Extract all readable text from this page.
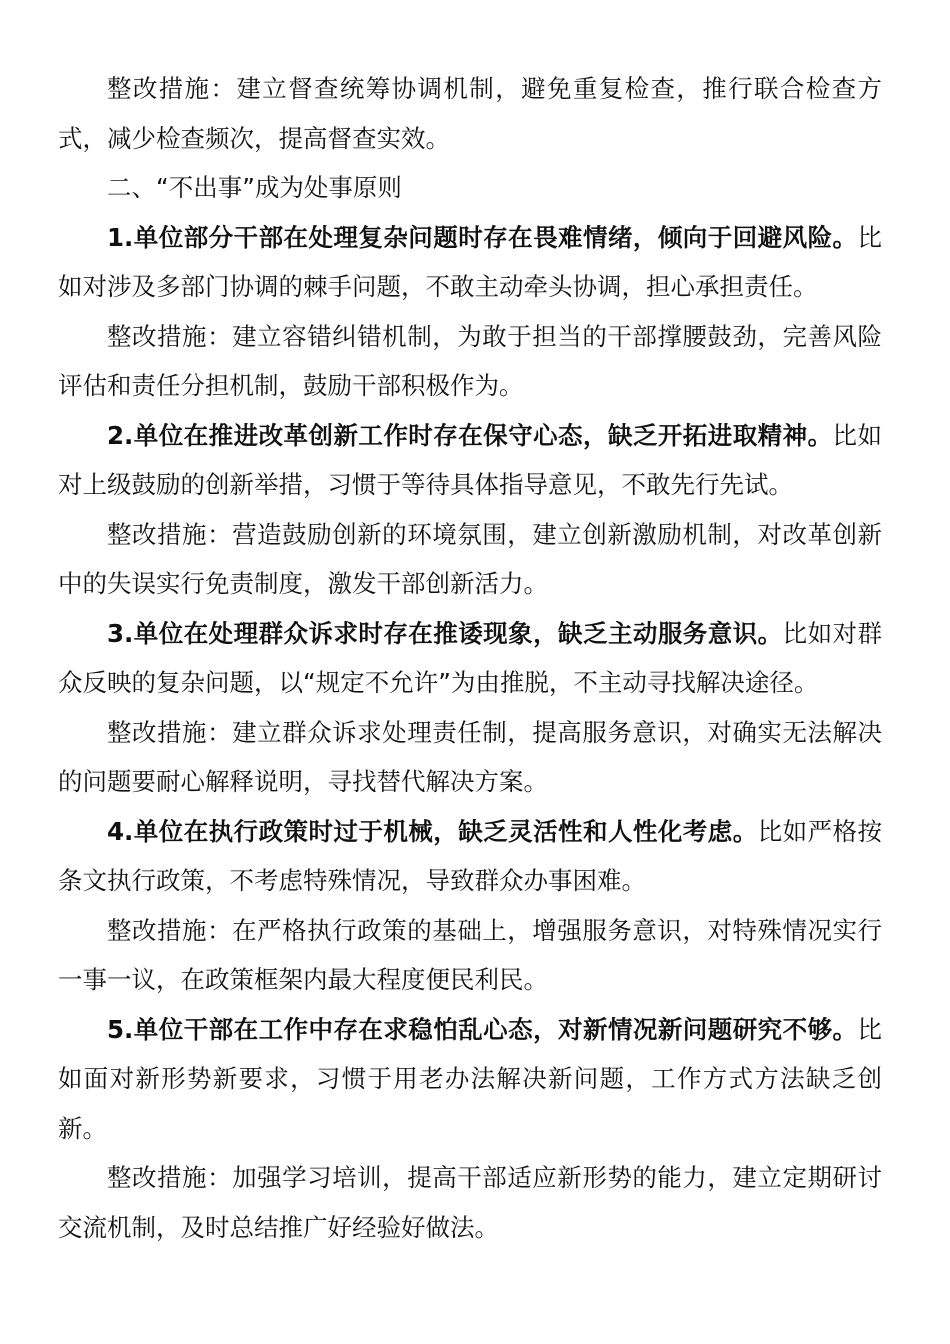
整改措施：建立督查统筹协调机制，避免重复检查，推行联合检查方式，减少检查频次，提高督查实效。

二、“不出事”成为处事原则

1.单位部分干部在处理复杂问题时存在畏难情绪，倾向于回避风险。比如对涉及多部门协调的棘手问题，不敢主动牵头协调，担心承担责任。

整改措施：建立容错纠错机制，为敢于担当的干部撑腰鼓劲，完善风险评估和责任分担机制，鼓励干部积极作为。

2.单位在推进改革创新工作时存在保守心态，缺乏开拓进取精神。比如对上级鼓励的创新举措，习惯于等待具体指导意见，不敢先行先试。

整改措施：营造鼓励创新的环境氛围，建立创新激励机制，对改革创新中的失误实行免责制度，激发干部创新活力。

3.单位在处理群众诉求时存在推诿现象，缺乏主动服务意识。比如对群众反映的复杂问题，以“规定不允许”为由推脱，不主动寻找解决途径。

整改措施：建立群众诉求处理责任制，提高服务意识，对确实无法解决的问题要耐心解释说明，寻找替代解决方案。

4.单位在执行政策时过于机械，缺乏灵活性和人性化考虑。比如严格按条文执行政策，不考虑特殊情况，导致群众办事困难。

整改措施：在严格执行政策的基础上，增强服务意识，对特殊情况实行一事一议，在政策框架内最大程度便民利民。

5.单位干部在工作中存在求稳怕乱心态，对新情况新问题研究不够。比如面对新形势新要求，习惯于用老办法解决新问题，工作方式方法缺乏创新。

整改措施：加强学习培训，提高干部适应新形势的能力，建立定期研讨交流机制，及时总结推广好经验好做法。
